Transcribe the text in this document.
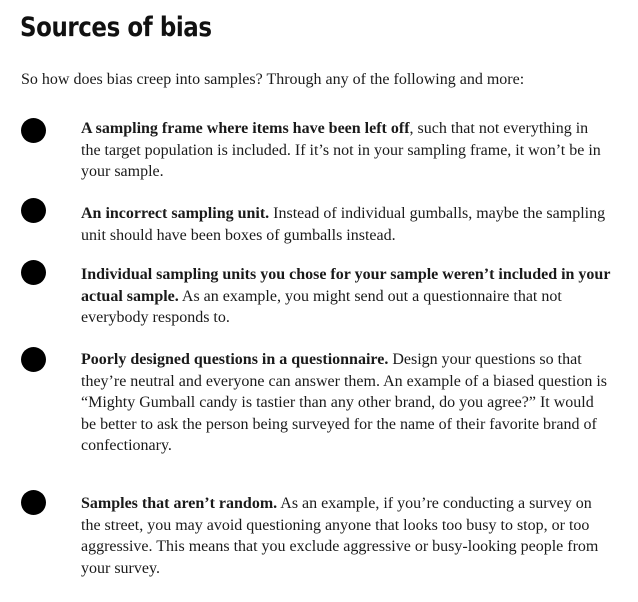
Sources of bias

So how does bias creep into samples? Through any of the following and more:

A sampling frame where items have been left off, such that not everything in the target population is included. If it’s not in your sampling frame, it won’t be in your sample.

An incorrect sampling unit. Instead of individual gumballs, maybe the sampling unit should have been boxes of gumballs instead.

Individual sampling units you chose for your sample weren’t included in your actual sample. As an example, you might send out a questionnaire that not everybody responds to.

Poorly designed questions in a questionnaire. Design your questions so that they’re neutral and everyone can answer them. An example of a biased question is “Mighty Gumball candy is tastier than any other brand, do you agree?” It would be better to ask the person being surveyed for the name of their favorite brand of confectionary.

Samples that aren’t random. As an example, if you’re conducting a survey on the street, you may avoid questioning anyone that looks too busy to stop, or too aggressive. This means that you exclude aggressive or busy-looking people from your survey.
